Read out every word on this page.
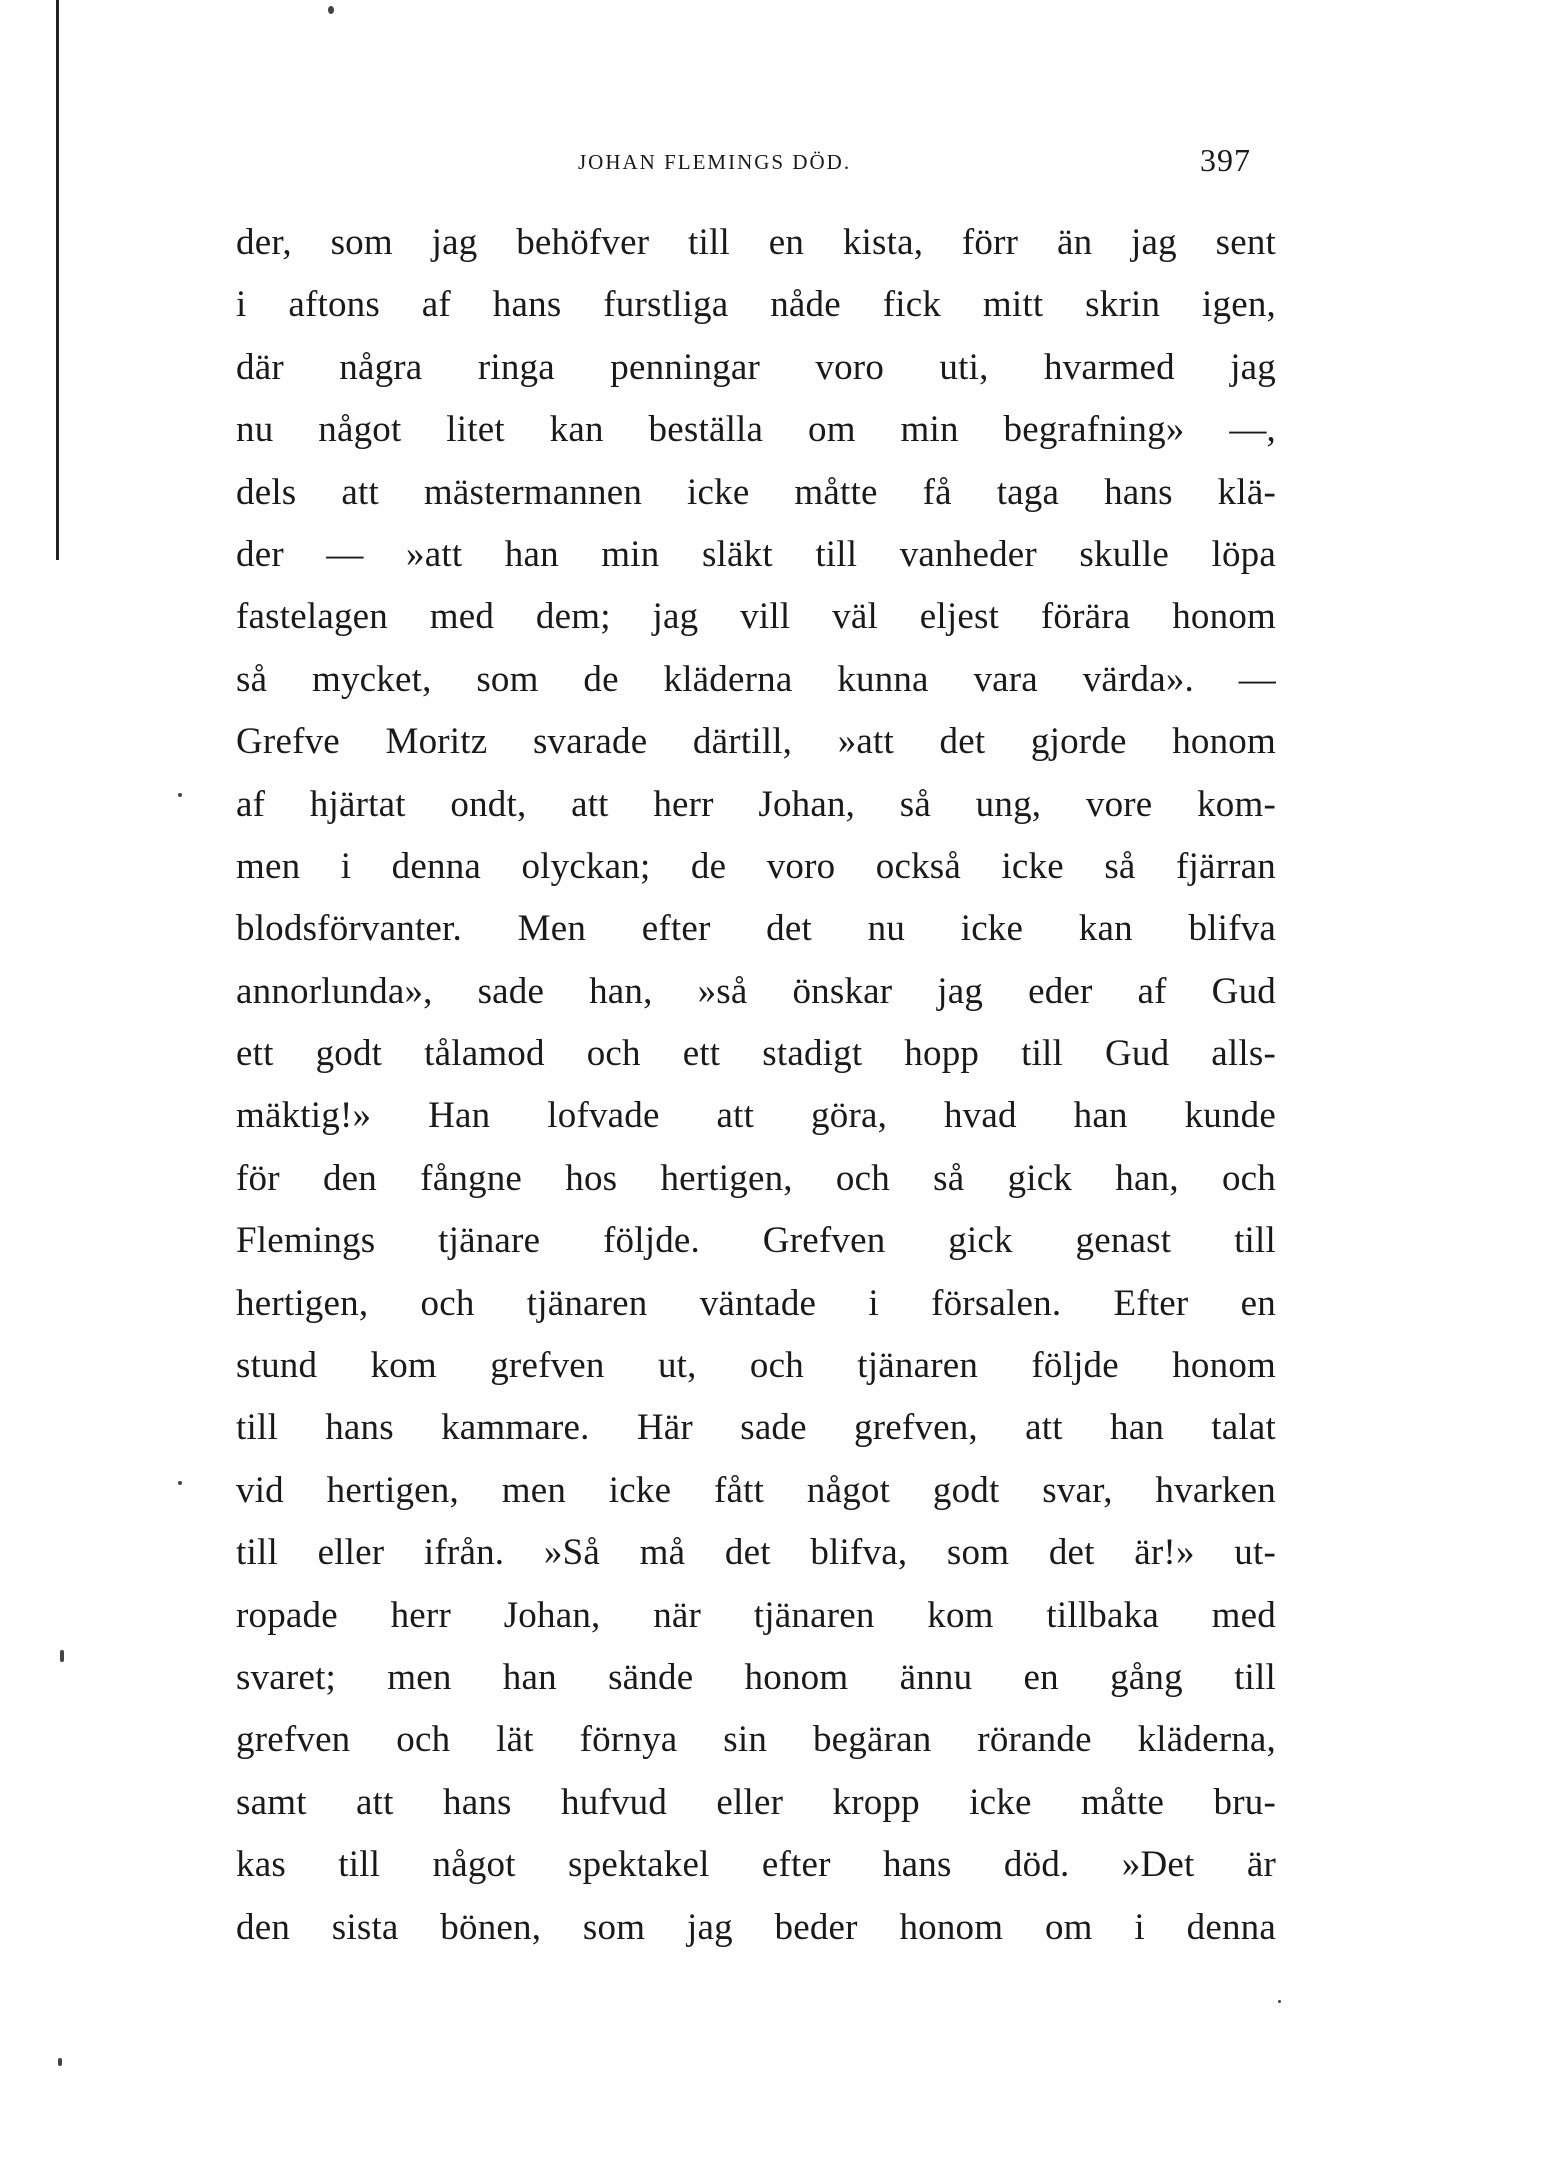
JOHAN FLEMINGS DÖD.	397
der, som jag behöfver till en kista, förr än jag sent
i aftons af hans furstliga nåde fick mitt skrin igen,
där några ringa penningar voro uti, hvarmed jag
nu något litet kan beställa om min begrafning» —,
dels att mästermannen icke måtte få taga hans klä-
der — »att han min släkt till vanheder skulle löpa
fastelagen med dem; jag vill väl eljest förära honom
så mycket, som de kläderna kunna vara värda». —
Grefve Moritz svarade därtill, »att det gjorde honom
af hjärtat ondt, att herr Johan, så ung, vore kom-
men i denna olyckan; de voro också icke så fjärran
blodsförvanter. Men efter det nu icke kan blifva
annorlunda», sade han, »så önskar jag eder af Gud
ett godt tålamod och ett stadigt hopp till Gud alls-
mäktig!» Han lofvade att göra, hvad han kunde
för den fångne hos hertigen, och så gick han, och
Flemings tjänare följde. Grefven gick genast till
hertigen, och tjänaren väntade i försalen. Efter en
stund kom grefven ut, och tjänaren följde honom
till hans kammare. Här sade grefven, att han talat
vid hertigen, men icke fått något godt svar, hvarken
till eller ifrån. »Så må det blifva, som det är!» ut-
ropade herr Johan, när tjänaren kom tillbaka med
svaret; men han sände honom ännu en gång till
grefven och lät förnya sin begäran rörande kläderna,
samt att hans hufvud eller kropp icke måtte bru-
kas till något spektakel efter hans död. »Det är
den sista bönen, som jag beder honom om i denna
